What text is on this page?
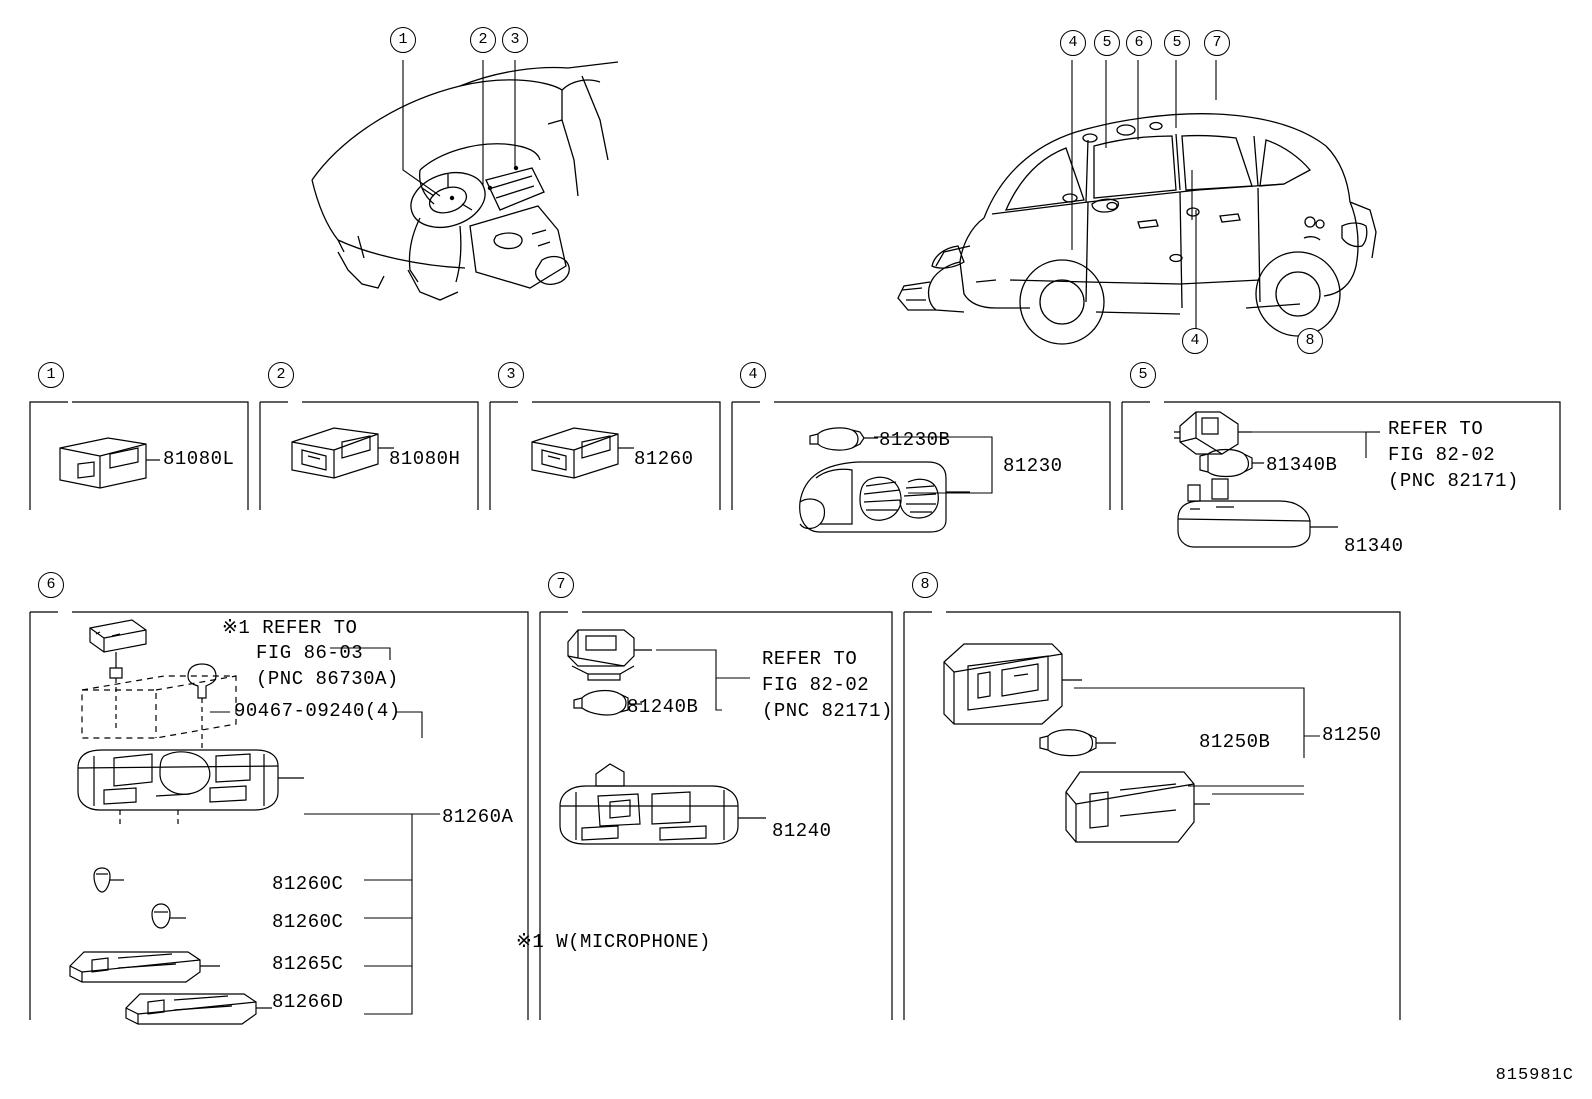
1	2	3	4	5	6	5	7
4	8
1	2	3	4	5
81080L	81080H	81260
81230B
81230	81340B
81340
REFER TO
FIG 82-02
(PNC 82171)
6	7	8
※1 REFER TO
FIG 86-03
(PNC 86730A)
90467-09240(4)
81260A
81260C
81260C
81265C
81266D
81240B
REFER TO
FIG 82-02
(PNC 82171)
81240
※1 W(MICROPHONE)
81250B	81250
815981C
